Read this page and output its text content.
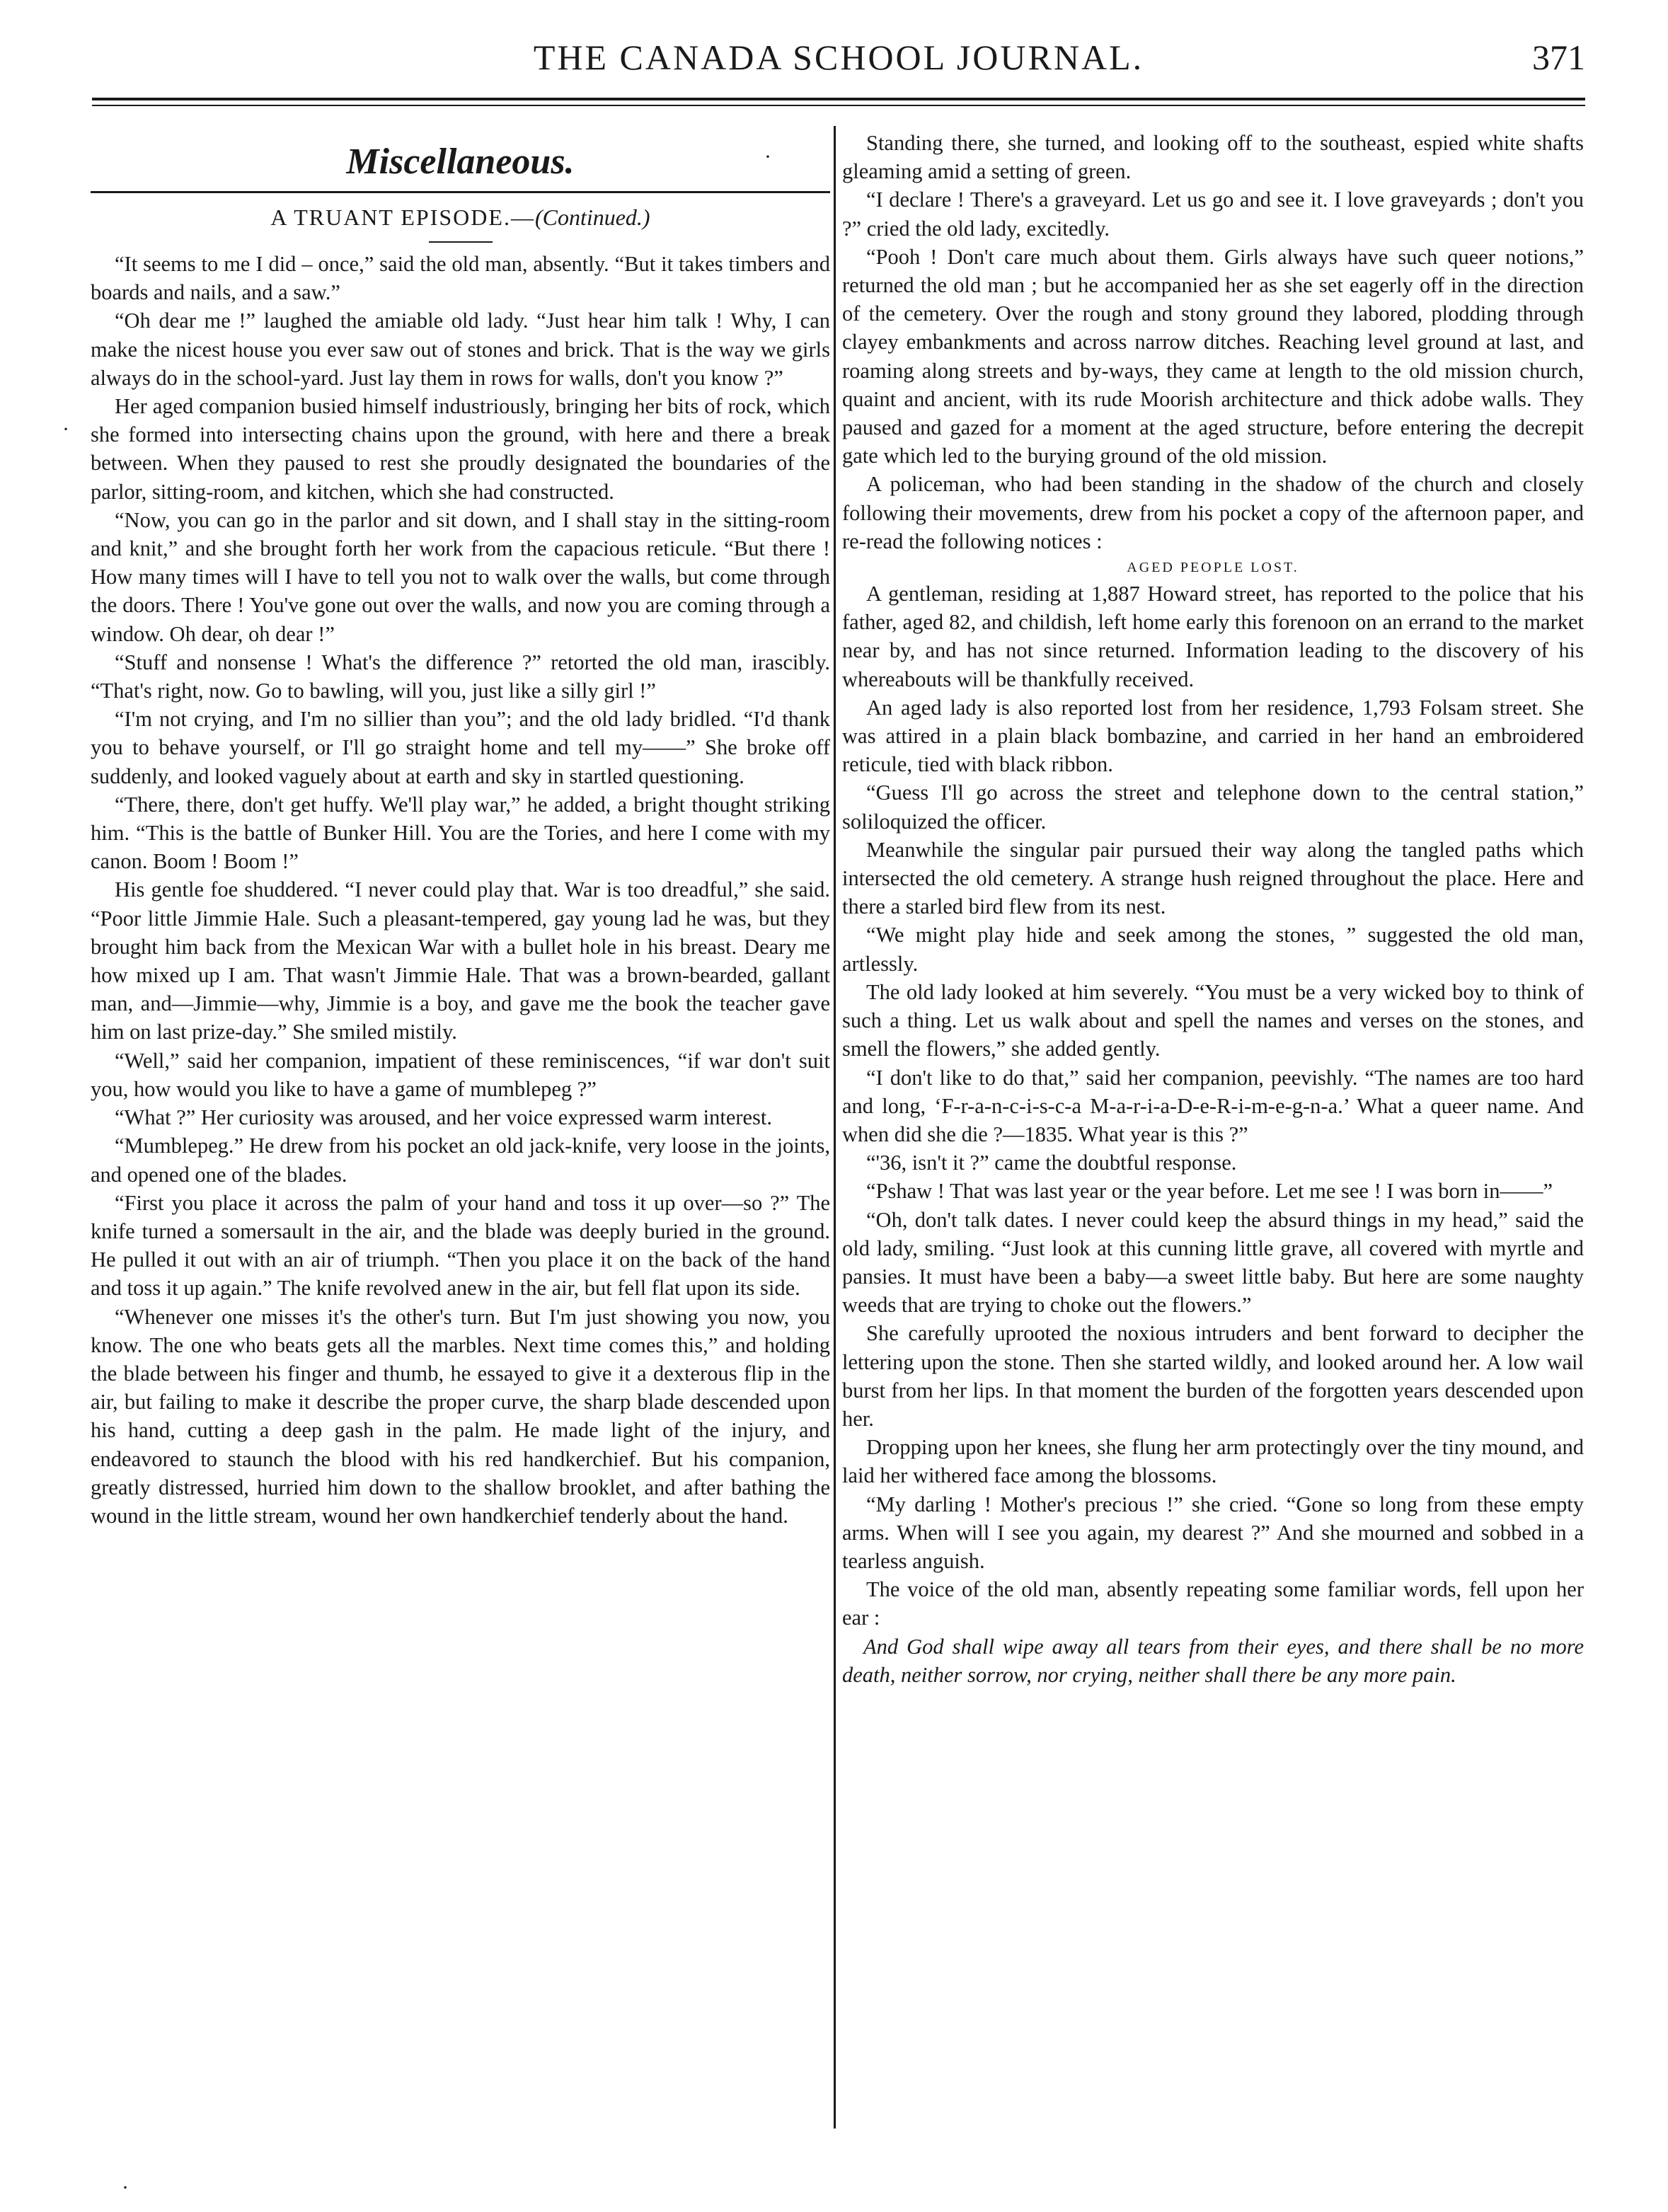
THE CANADA SCHOOL JOURNAL.	371
Miscellaneous.
A TRUANT EPISODE.—(Continued.)

“It seems to me I did – once,” said the old man, absently. “But it takes timbers and boards and nails, and a saw.”

“Oh dear me !” laughed the amiable old lady. “Just hear him talk ! Why, I can make the nicest house you ever saw out of stones and brick. That is the way we girls always do in the school-yard. Just lay them in rows for walls, don't you know ?”

Her aged companion busied himself industriously, bringing her bits of rock, which she formed into intersecting chains upon the ground, with here and there a break between. When they paused to rest she proudly designated the boundaries of the parlor, sitting-room, and kitchen, which she had constructed.

“Now, you can go in the parlor and sit down, and I shall stay in the sitting-room and knit,” and she brought forth her work from the capacious reticule. “But there ! How many times will I have to tell you not to walk over the walls, but come through the doors. There ! You've gone out over the walls, and now you are coming through a window. Oh dear, oh dear !”

“Stuff and nonsense ! What's the difference ?” retorted the old man, irascibly. “That's right, now. Go to bawling, will you, just like a silly girl !”

“I'm not crying, and I'm no sillier than you”; and the old lady bridled. “I'd thank you to behave yourself, or I'll go straight home and tell my——” She broke off suddenly, and looked vaguely about at earth and sky in startled questioning.

“There, there, don't get huffy. We'll play war,” he added, a bright thought striking him. “This is the battle of Bunker Hill. You are the Tories, and here I come with my canon. Boom ! Boom !”

His gentle foe shuddered. “I never could play that. War is too dreadful,” she said. “Poor little Jimmie Hale. Such a pleasant-tempered, gay young lad he was, but they brought him back from the Mexican War with a bullet hole in his breast. Deary me how mixed up I am. That wasn't Jimmie Hale. That was a brown-bearded, gallant man, and—Jimmie—why, Jimmie is a boy, and gave me the book the teacher gave him on last prize-day.” She smiled mistily.

“Well,” said her companion, impatient of these reminiscences, “if war don't suit you, how would you like to have a game of mumblepeg ?”

“What ?” Her curiosity was aroused, and her voice expressed warm interest.

“Mumblepeg.” He drew from his pocket an old jack-knife, very loose in the joints, and opened one of the blades.

“First you place it across the palm of your hand and toss it up over—so ?” The knife turned a somersault in the air, and the blade was deeply buried in the ground. He pulled it out with an air of triumph. “Then you place it on the back of the hand and toss it up again.” The knife revolved anew in the air, but fell flat upon its side.

“Whenever one misses it's the other's turn. But I'm just showing you now, you know. The one who beats gets all the marbles. Next time comes this,” and holding the blade between his finger and thumb, he essayed to give it a dexterous flip in the air, but failing to make it describe the proper curve, the sharp blade descended upon his hand, cutting a deep gash in the palm. He made light of the injury, and endeavored to staunch the blood with his red handkerchief. But his companion, greatly distressed, hurried him down to the shallow brooklet, and after bathing the wound in the little stream, wound her own handkerchief tenderly about the hand.

Standing there, she turned, and looking off to the southeast, espied white shafts gleaming amid a setting of green.

“I declare ! There's a graveyard. Let us go and see it. I love graveyards ; don't you ?” cried the old lady, excitedly.

“Pooh ! Don't care much about them. Girls always have such queer notions,” returned the old man ; but he accompanied her as she set eagerly off in the direction of the cemetery. Over the rough and stony ground they labored, plodding through clayey embankments and across narrow ditches. Reaching level ground at last, and roaming along streets and by-ways, they came at length to the old mission church, quaint and ancient, with its rude Moorish architecture and thick adobe walls. They paused and gazed for a moment at the aged structure, before entering the decrepit gate which led to the burying ground of the old mission.

A policeman, who had been standing in the shadow of the church and closely following their movements, drew from his pocket a copy of the afternoon paper, and re-read the following notices :

AGED PEOPLE LOST.

A gentleman, residing at 1,887 Howard street, has reported to the police that his father, aged 82, and childish, left home early this forenoon on an errand to the market near by, and has not since returned. Information leading to the discovery of his whereabouts will be thankfully received.

An aged lady is also reported lost from her residence, 1,793 Folsam street. She was attired in a plain black bombazine, and carried in her hand an embroidered reticule, tied with black ribbon.

“Guess I'll go across the street and telephone down to the central station,” soliloquized the officer.

Meanwhile the singular pair pursued their way along the tangled paths which intersected the old cemetery. A strange hush reigned throughout the place. Here and there a starled bird flew from its nest.

“We might play hide and seek among the stones, ” suggested the old man, artlessly.

The old lady looked at him severely. “You must be a very wicked boy to think of such a thing. Let us walk about and spell the names and verses on the stones, and smell the flowers,” she added gently.

“I don't like to do that,” said her companion, peevishly. “The names are too hard and long, ‘F-r-a-n-c-i-s-c-a M-a-r-i-a-D-e-R-i-m-e-g-n-a.’ What a queer name. And when did she die ?—1835. What year is this ?”

“'36, isn't it ?” came the doubtful response.

“Pshaw ! That was last year or the year before. Let me see ! I was born in——”

“Oh, don't talk dates. I never could keep the absurd things in my head,” said the old lady, smiling. “Just look at this cunning little grave, all covered with myrtle and pansies. It must have been a baby—a sweet little baby. But here are some naughty weeds that are trying to choke out the flowers.”

She carefully uprooted the noxious intruders and bent forward to decipher the lettering upon the stone. Then she started wildly, and looked around her. A low wail burst from her lips. In that moment the burden of the forgotten years descended upon her.

Dropping upon her knees, she flung her arm protectingly over the tiny mound, and laid her withered face among the blossoms.

“My darling ! Mother's precious !” she cried. “Gone so long from these empty arms. When will I see you again, my dearest ?” And she mourned and sobbed in a tearless anguish.

The voice of the old man, absently repeating some familiar words, fell upon her ear :

And God shall wipe away all tears from their eyes, and there shall be no more death, neither sorrow, nor crying, neither shall there be any more pain.

·
·
·
